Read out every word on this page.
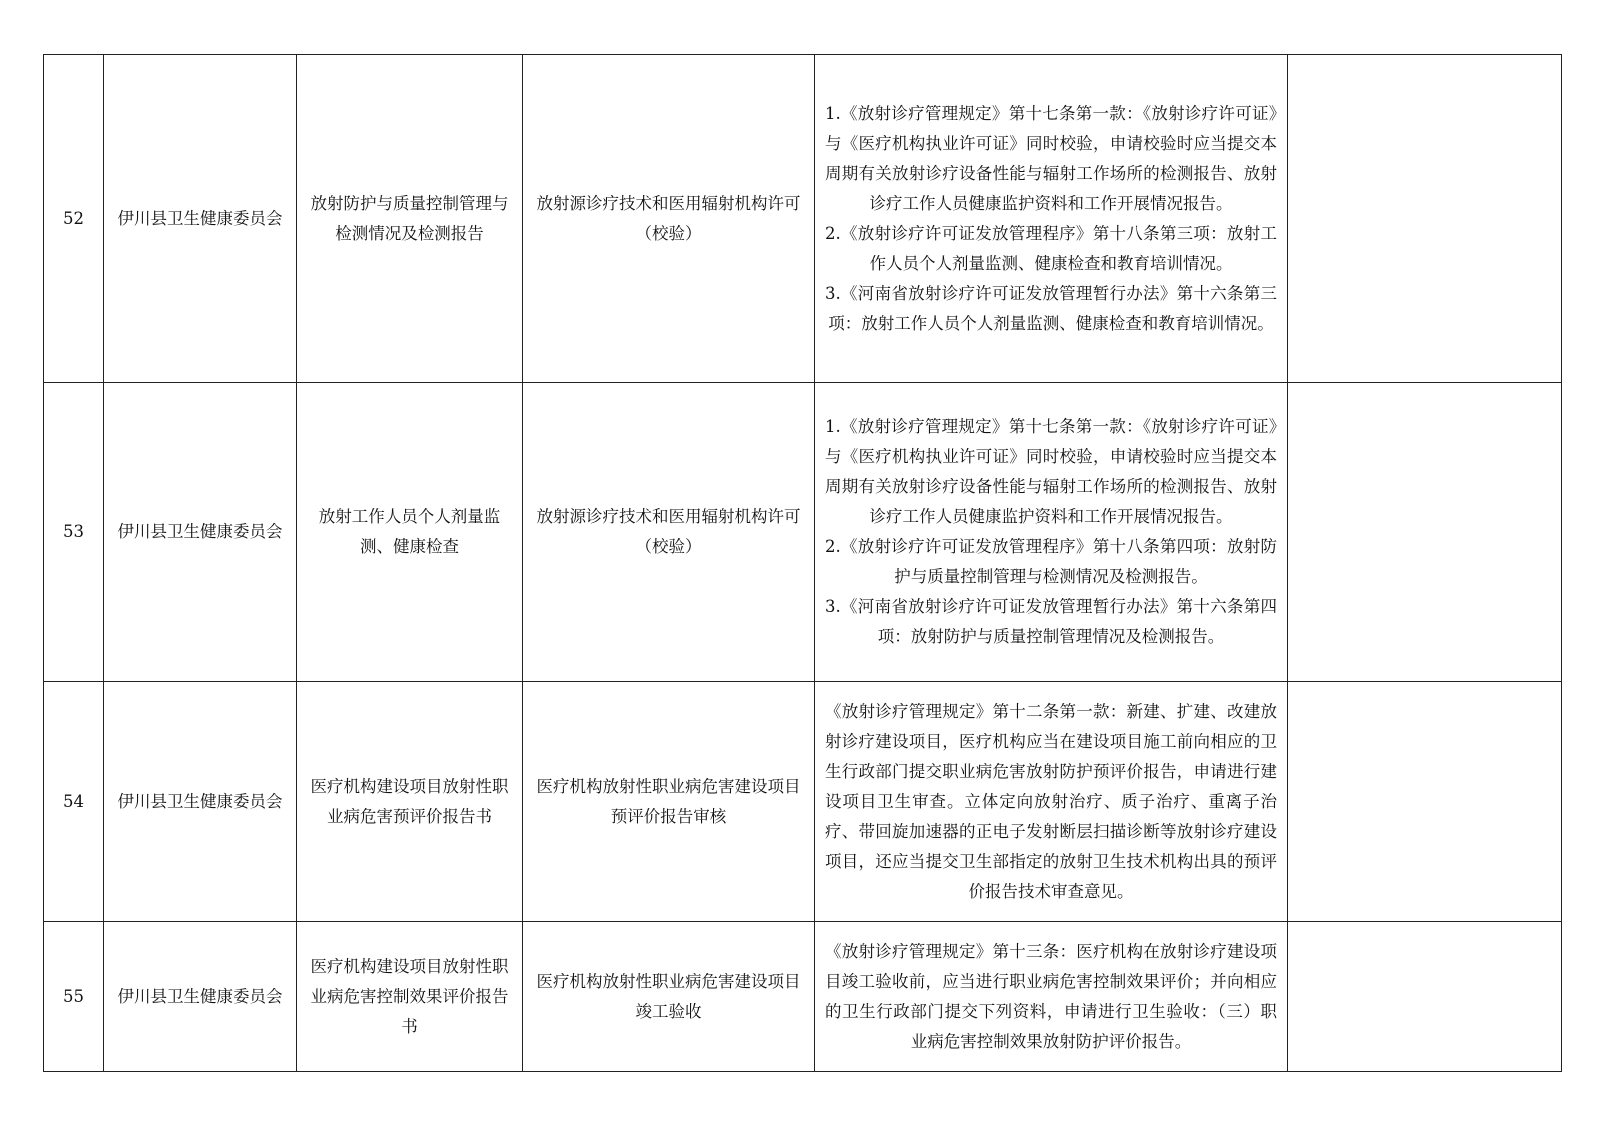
52	伊川县卫生健康委员会	放射防护与质量控制管理与检测情况及检测报告	放射源诊疗技术和医用辐射机构许可（校验）	1.《放射诊疗管理规定》第十七条第一款：《放射诊疗许可证》与《医疗机构执业许可证》同时校验，申请校验时应当提交本周期有关放射诊疗设备性能与辐射工作场所的检测报告、放射诊疗工作人员健康监护资料和工作开展情况报告。
2.《放射诊疗许可证发放管理程序》第十八条第三项：放射工作人员个人剂量监测、健康检查和教育培训情况。
3.《河南省放射诊疗许可证发放管理暂行办法》第十六条第三项：放射工作人员个人剂量监测、健康检查和教育培训情况。	

53	伊川县卫生健康委员会	放射工作人员个人剂量监测、健康检查	放射源诊疗技术和医用辐射机构许可（校验）	1.《放射诊疗管理规定》第十七条第一款：《放射诊疗许可证》与《医疗机构执业许可证》同时校验，申请校验时应当提交本周期有关放射诊疗设备性能与辐射工作场所的检测报告、放射诊疗工作人员健康监护资料和工作开展情况报告。
2.《放射诊疗许可证发放管理程序》第十八条第四项：放射防护与质量控制管理与检测情况及检测报告。
3.《河南省放射诊疗许可证发放管理暂行办法》第十六条第四项：放射防护与质量控制管理情况及检测报告。	

54	伊川县卫生健康委员会	医疗机构建设项目放射性职业病危害预评价报告书	医疗机构放射性职业病危害建设项目预评价报告审核	《放射诊疗管理规定》第十二条第一款：新建、扩建、改建放射诊疗建设项目，医疗机构应当在建设项目施工前向相应的卫生行政部门提交职业病危害放射防护预评价报告，申请进行建设项目卫生审查。立体定向放射治疗、质子治疗、重离子治疗、带回旋加速器的正电子发射断层扫描诊断等放射诊疗建设项目，还应当提交卫生部指定的放射卫生技术机构出具的预评价报告技术审查意见。	

55	伊川县卫生健康委员会	医疗机构建设项目放射性职业病危害控制效果评价报告书	医疗机构放射性职业病危害建设项目竣工验收	《放射诊疗管理规定》第十三条：医疗机构在放射诊疗建设项目竣工验收前，应当进行职业病危害控制效果评价；并向相应的卫生行政部门提交下列资料，申请进行卫生验收：（三）职业病危害控制效果放射防护评价报告。	
